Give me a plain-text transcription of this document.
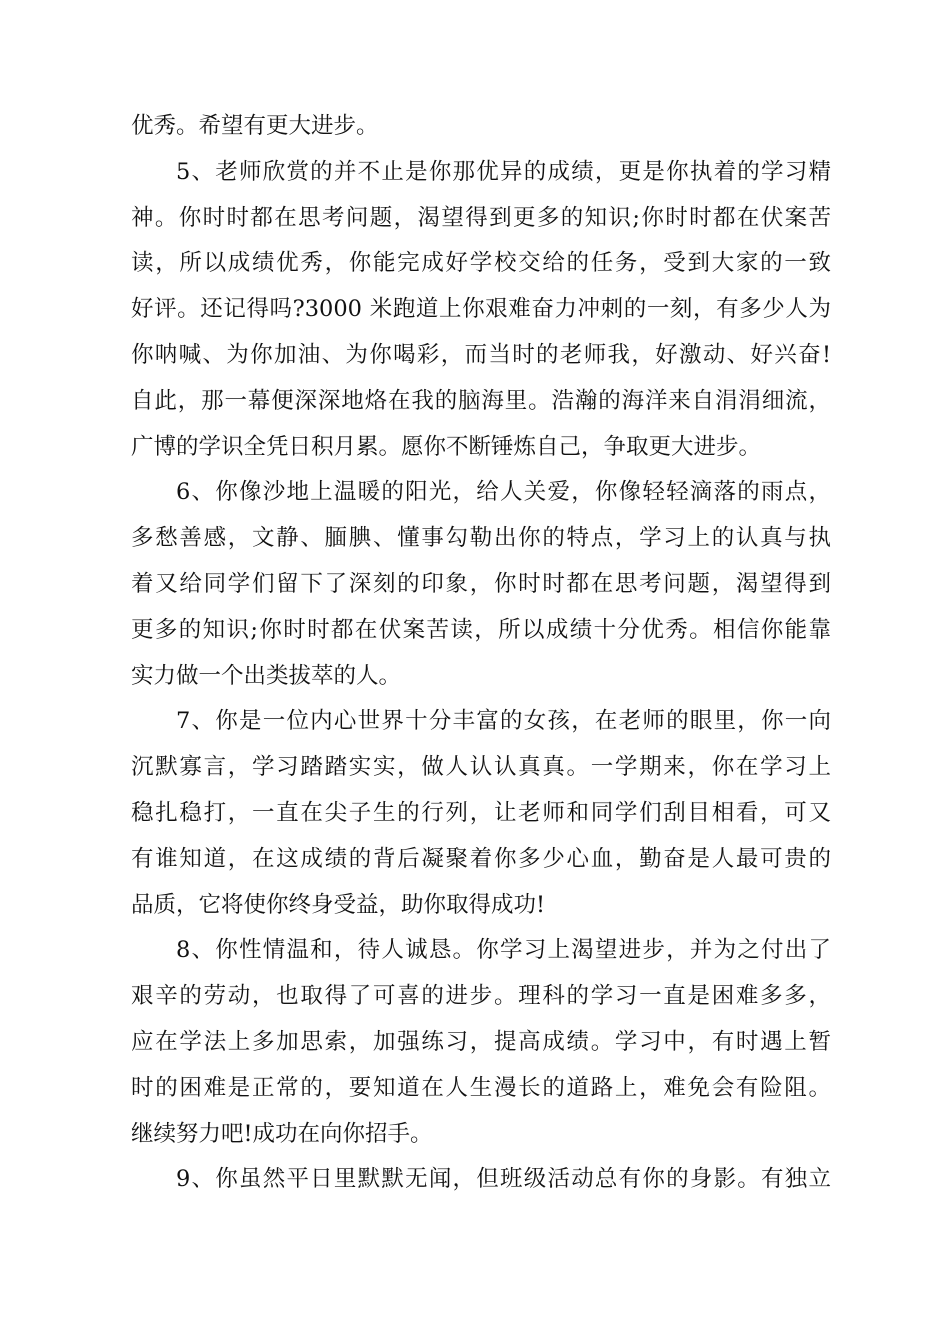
优秀。希望有更大进步。
5、老师欣赏的并不止是你那优异的成绩，更是你执着的学习精
神。你时时都在思考问题，渴望得到更多的知识;你时时都在伏案苦
读，所以成绩优秀，你能完成好学校交给的任务，受到大家的一致
好评。还记得吗?3000 米跑道上你艰难奋力冲刺的一刻，有多少人为
你呐喊、为你加油、为你喝彩，而当时的老师我，好激动、好兴奋!
自此，那一幕便深深地烙在我的脑海里。浩瀚的海洋来自涓涓细流，
广博的学识全凭日积月累。愿你不断锤炼自己，争取更大进步。
6、你像沙地上温暖的阳光，给人关爱，你像轻轻滴落的雨点，
多愁善感，文静、腼腆、懂事勾勒出你的特点，学习上的认真与执
着又给同学们留下了深刻的印象，你时时都在思考问题，渴望得到
更多的知识;你时时都在伏案苦读，所以成绩十分优秀。相信你能靠
实力做一个出类拔萃的人。
7、你是一位内心世界十分丰富的女孩，在老师的眼里，你一向
沉默寡言，学习踏踏实实，做人认认真真。一学期来，你在学习上
稳扎稳打，一直在尖子生的行列，让老师和同学们刮目相看，可又
有谁知道，在这成绩的背后凝聚着你多少心血，勤奋是人最可贵的
品质，它将使你终身受益，助你取得成功!
8、你性情温和，待人诚恳。你学习上渴望进步，并为之付出了
艰辛的劳动，也取得了可喜的进步。理科的学习一直是困难多多，
应在学法上多加思索，加强练习，提高成绩。学习中，有时遇上暂
时的困难是正常的，要知道在人生漫长的道路上，难免会有险阻。
继续努力吧!成功在向你招手。
9、你虽然平日里默默无闻，但班级活动总有你的身影。有独立
